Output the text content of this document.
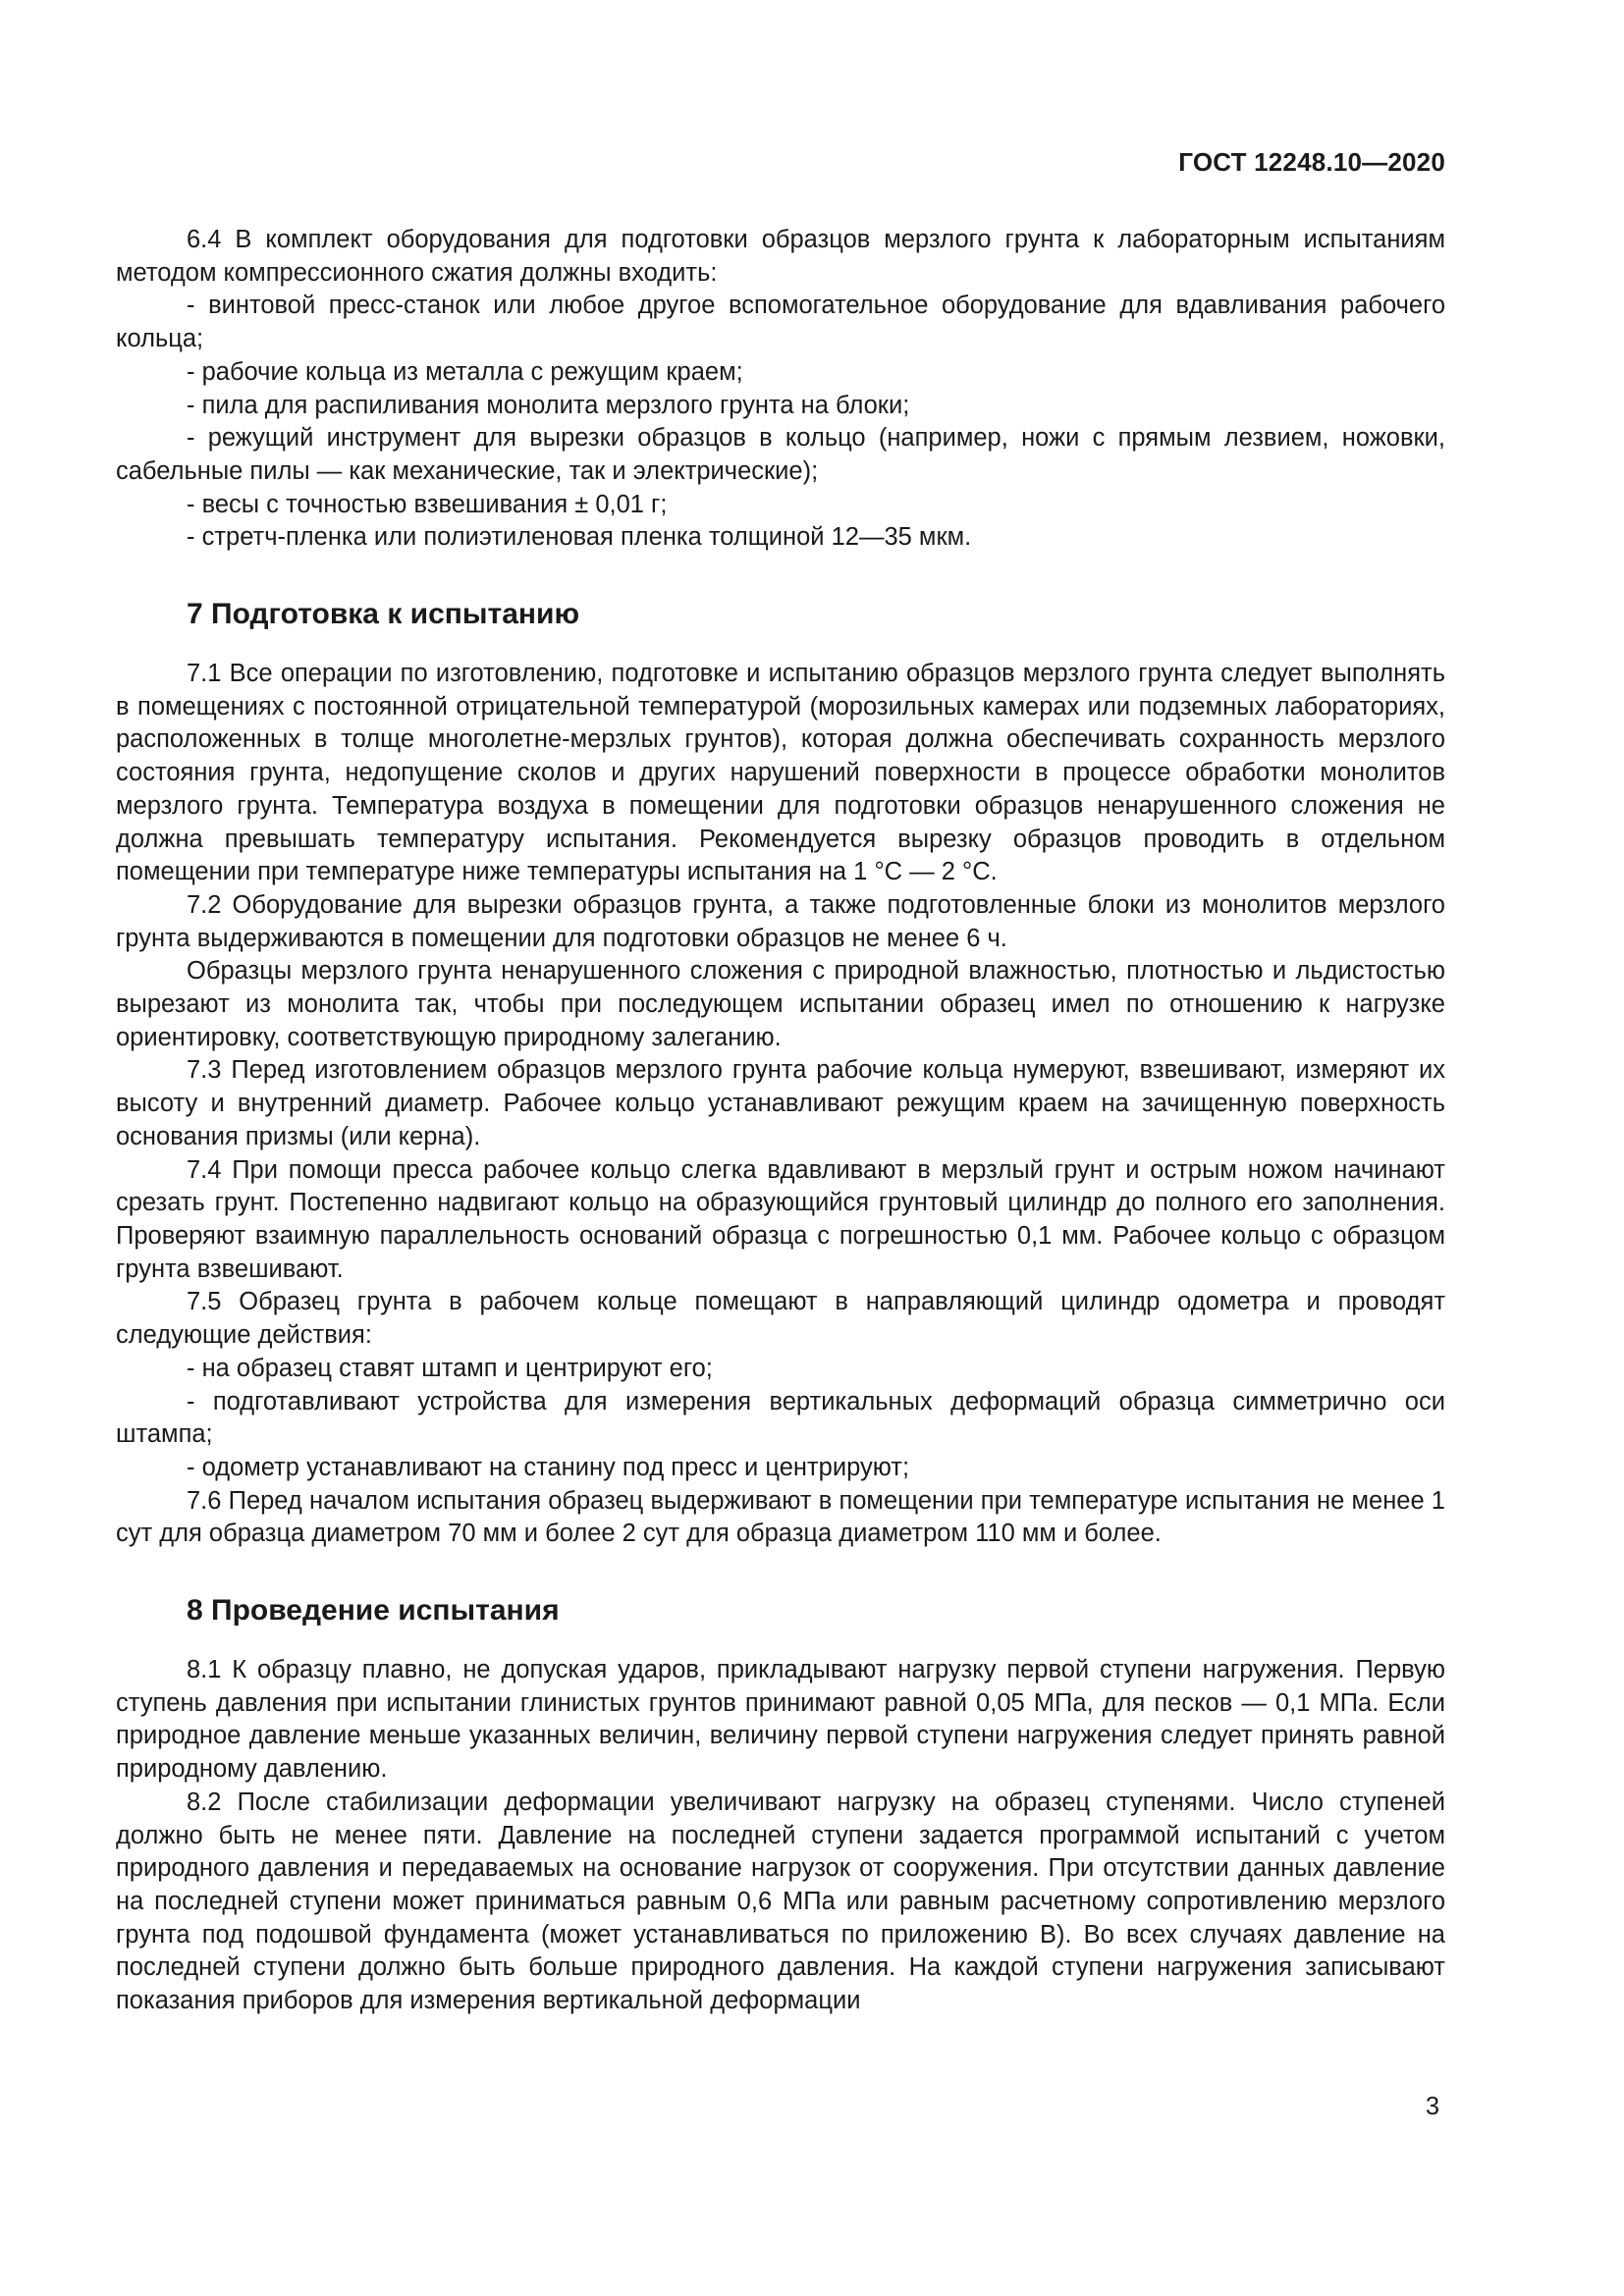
ГОСТ 12248.10—2020

6.4 В комплект оборудования для подготовки образцов мерзлого грунта к лабораторным испытаниям методом компрессионного сжатия должны входить:

- винтовой пресс-станок или любое другое вспомогательное оборудование для вдавливания рабочего кольца;

- рабочие кольца из металла с режущим краем;

- пила для распиливания монолита мерзлого грунта на блоки;

- режущий инструмент для вырезки образцов в кольцо (например, ножи с прямым лезвием, ножовки, сабельные пилы — как механические, так и электрические);

- весы с точностью взвешивания ± 0,01 г;

- стретч-пленка или полиэтиленовая пленка толщиной 12—35 мкм.

7 Подготовка к испытанию

7.1 Все операции по изготовлению, подготовке и испытанию образцов мерзлого грунта следует выполнять в помещениях с постоянной отрицательной температурой (морозильных камерах или подземных лабораториях, расположенных в толще многолетне-мерзлых грунтов), которая должна обеспечивать сохранность мерзлого состояния грунта, недопущение сколов и других нарушений поверхности в процессе обработки монолитов мерзлого грунта. Температура воздуха в помещении для подготовки образцов ненарушенного сложения не должна превышать температуру испытания. Рекомендуется вырезку образцов проводить в отдельном помещении при температуре ниже температуры испытания на 1 °С — 2 °С.

7.2 Оборудование для вырезки образцов грунта, а также подготовленные блоки из монолитов мерзлого грунта выдерживаются в помещении для подготовки образцов не менее 6 ч.

Образцы мерзлого грунта ненарушенного сложения с природной влажностью, плотностью и льдистостью вырезают из монолита так, чтобы при последующем испытании образец имел по отношению к нагрузке ориентировку, соответствующую природному залеганию.

7.3 Перед изготовлением образцов мерзлого грунта рабочие кольца нумеруют, взвешивают, измеряют их высоту и внутренний диаметр. Рабочее кольцо устанавливают режущим краем на зачищенную поверхность основания призмы (или керна).

7.4 При помощи пресса рабочее кольцо слегка вдавливают в мерзлый грунт и острым ножом начинают срезать грунт. Постепенно надвигают кольцо на образующийся грунтовый цилиндр до полного его заполнения. Проверяют взаимную параллельность оснований образца с погрешностью 0,1 мм. Рабочее кольцо с образцом грунта взвешивают.

7.5 Образец грунта в рабочем кольце помещают в направляющий цилиндр одометра и проводят следующие действия:

- на образец ставят штамп и центрируют его;

- подготавливают устройства для измерения вертикальных деформаций образца симметрично оси штампа;

- одометр устанавливают на станину под пресс и центрируют;

7.6 Перед началом испытания образец выдерживают в помещении при температуре испытания не менее 1 сут для образца диаметром 70 мм и более 2 сут для образца диаметром 110 мм и более.

8 Проведение испытания

8.1 К образцу плавно, не допуская ударов, прикладывают нагрузку первой ступени нагружения. Первую ступень давления при испытании глинистых грунтов принимают равной 0,05 МПа, для песков — 0,1 МПа. Если природное давление меньше указанных величин, величину первой ступени нагружения следует принять равной природному давлению.

8.2 После стабилизации деформации увеличивают нагрузку на образец ступенями. Число ступеней должно быть не менее пяти. Давление на последней ступени задается программой испытаний с учетом природного давления и передаваемых на основание нагрузок от сооружения. При отсутствии данных давление на последней ступени может приниматься равным 0,6 МПа или равным расчетному сопротивлению мерзлого грунта под подошвой фундамента (может устанавливаться по приложению В). Во всех случаях давление на последней ступени должно быть больше природного давления. На каждой ступени нагружения записывают показания приборов для измерения вертикальной деформации

3
